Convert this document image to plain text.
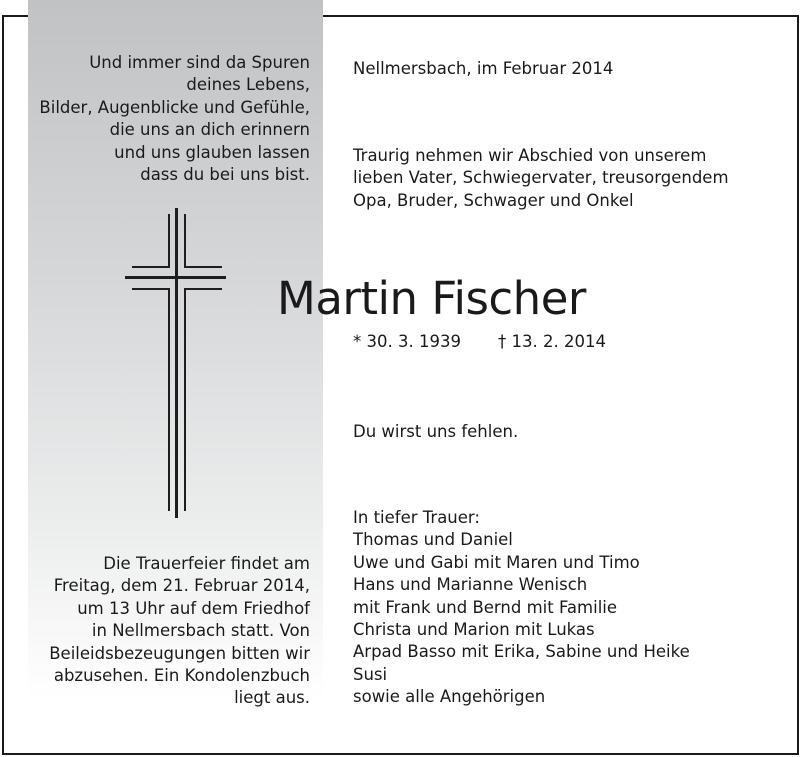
Und immer sind da Spuren
deines Lebens,
Bilder, Augenblicke und Gefühle,
die uns an dich erinnern
und uns glauben lassen
dass du bei uns bist.
Die Trauerfeier findet am
Freitag, dem 21. Februar 2014,
um 13 Uhr auf dem Friedhof
in Nellmersbach statt. Von
Beileidsbezeugungen bitten wir
abzusehen. Ein Kondolenzbuch
liegt aus.
Nellmersbach, im Februar 2014
Traurig nehmen wir Abschied von unserem
lieben Vater, Schwiegervater, treusorgendem
Opa, Bruder, Schwager und Onkel
Martin Fischer
* 30. 3. 1939 † 13. 2. 2014
Du wirst uns fehlen.
In tiefer Trauer:
Thomas und Daniel
Uwe und Gabi mit Maren und Timo
Hans und Marianne Wenisch
mit Frank und Bernd mit Familie
Christa und Marion mit Lukas
Arpad Basso mit Erika, Sabine und Heike
Susi
sowie alle Angehörigen
